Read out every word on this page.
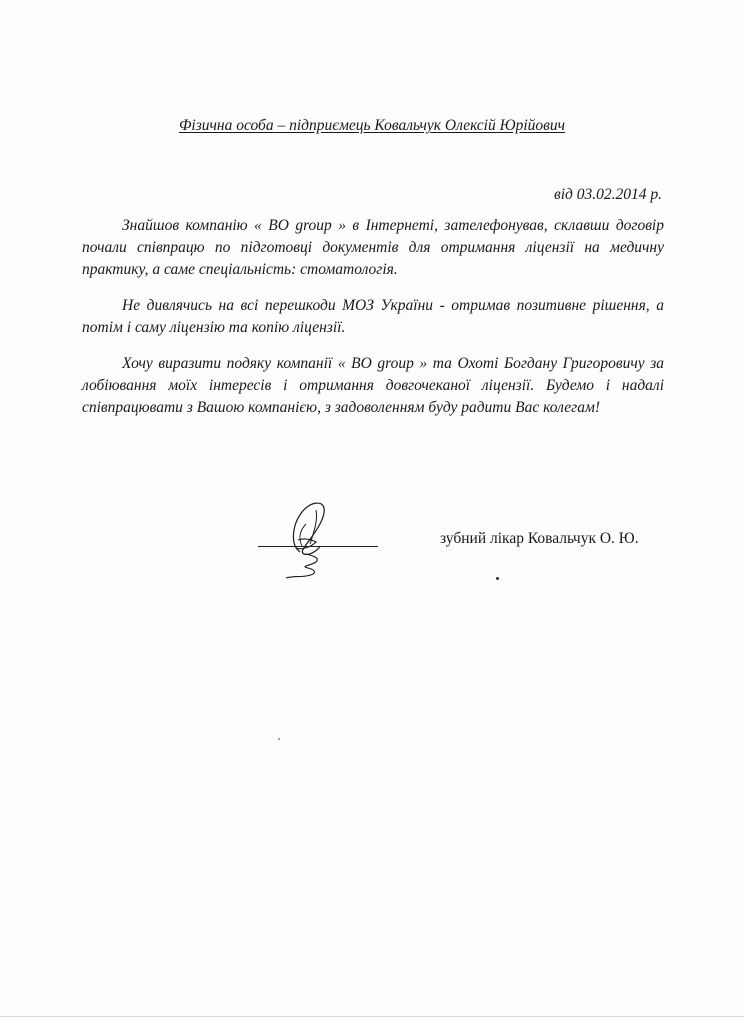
Фізична особа – підприємець Ковальчук Олексій Юрійович
від 03.02.2014 р.

Знайшов компанію « BO group » в Інтернеті, зателефонував, склавши договір почали співпрацю по підготовці документів для отримання ліцензії на медичну практику, а саме спеціальність: стоматологія.

Не дивлячись на всі перешкоди МОЗ України - отримав позитивне рішення, а потім і саму ліцензію та копію ліцензії.

Хочу виразити подяку компанії « BO group » та Охоті Богдану Григоровичу за лобіювання моїх інтересів і отримання довгочеканої ліцензії. Будемо і надалі співпрацювати з Вашою компанією, з задоволенням буду радити Вас колегам!

зубний лікар Ковальчук О. Ю.
